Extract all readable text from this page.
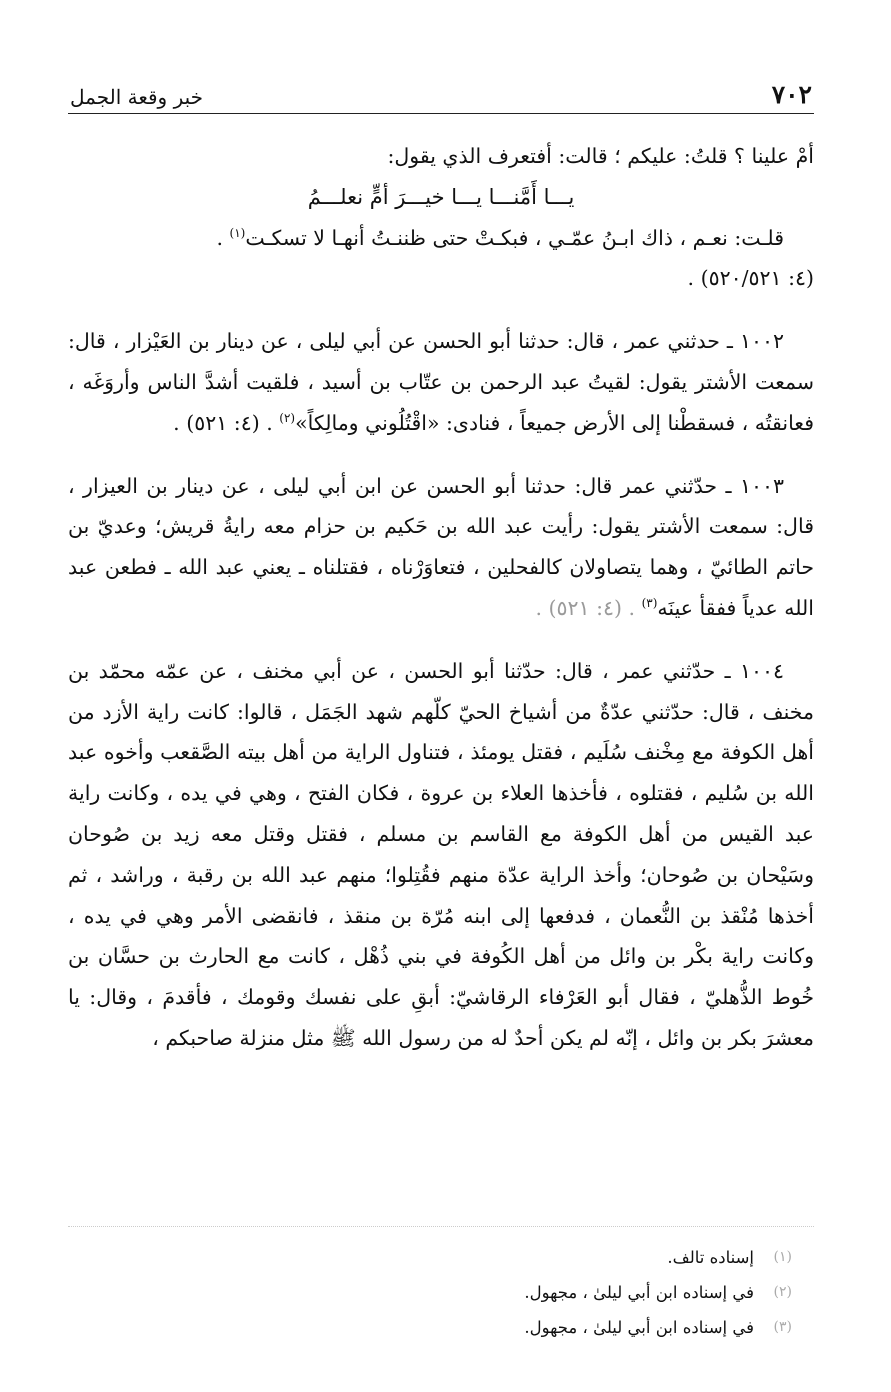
٧٠٢
خبر وقعة الجمل

أمْ علينا ؟ قلتُ: عليكم ؛ قالت: أفتعرف الذي يقول:

يـــا أَمَّنـــا يـــا خيـــرَ أمٍّ نعلـــمُ

قلـت: نعـم ، ذاك ابـنُ عمّـي ، فبكـتْ حتى ظننـتُ أنهـا لا تسكـت$^{(١)}$ .
(٤: ٥٢٠/٥٢١) .

١٠٠٢ ـ حدثني عمر ، قال: حدثنا أبو الحسن عن أبي ليلى ، عن دينار بن العَيْزار ، قال: سمعت الأشتر يقول: لقيتُ عبد الرحمن بن عتّاب بن أسيد ، فلقيت أشدَّ الناس وأروَغَه ، فعانقتُه ، فسقطْنا إلى الأرض جميعاً ، فنادى: «اقْتُلُوني ومالِكاً»$^{(٢)}$ . (٤: ٥٢١) .

١٠٠٣ ـ حدّثني عمر قال: حدثنا أبو الحسن عن ابن أبي ليلى ، عن دينار بن العيزار ، قال: سمعت الأشتر يقول: رأيت عبد الله بن حَكيم بن حزام معه رايةُ قريش؛ وعديّ بن حاتم الطائيّ ، وهما يتصاولان كالفحلين ، فتعاوَرْناه ، فقتلناه ـ يعني عبد الله ـ فطعن عبد الله عدياً ففقأ عينَه$^{(٣)}$ . (٤: ٥٢١) .

١٠٠٤ ـ حدّثني عمر ، قال: حدّثنا أبو الحسن ، عن أبي مخنف ، عن عمّه محمّد بن مخنف ، قال: حدّثني عدّةٌ من أشياخ الحيّ كلّهم شهد الجَمَل ، قالوا: كانت راية الأزد من أهل الكوفة مع مِخْنف سُلَيم ، فقتل يومئذ ، فتناول الراية من أهل بيته الصَّقعب وأخوه عبد الله بن سُليم ، فقتلوه ، فأخذها العلاء بن عروة ، فكان الفتح ، وهي في يده ، وكانت راية عبد القيس من أهل الكوفة مع القاسم بن مسلم ، فقتل وقتل معه زيد بن صُوحان وسَيْحان بن صُوحان؛ وأخذ الراية عدّة منهم فقُتِلوا؛ منهم عبد الله بن رقبة ، وراشد ، ثم أخذها مُنْقذ بن النُّعمان ، فدفعها إلى ابنه مُرّة بن منقذ ، فانقضى الأمر وهي في يده ، وكانت راية بكْر بن وائل من أهل الكُوفة في بني ذُهْل ، كانت مع الحارث بن حسَّان بن خُوط الذُّهليّ ، فقال أبو العَرْفاء الرقاشيّ: أبقِ على نفسك وقومك ، فأقدمَ ، وقال: يا معشرَ بكر بن وائل ، إنّه لم يكن أحدٌ له من رسول الله ﷺ مثل منزلة صاحبكم ،

(١)
إسناده تالف.
(٢)
في إسناده ابن أبي ليلىٰ ، مجهول.
(٣)
في إسناده ابن أبي ليلىٰ ، مجهول.
